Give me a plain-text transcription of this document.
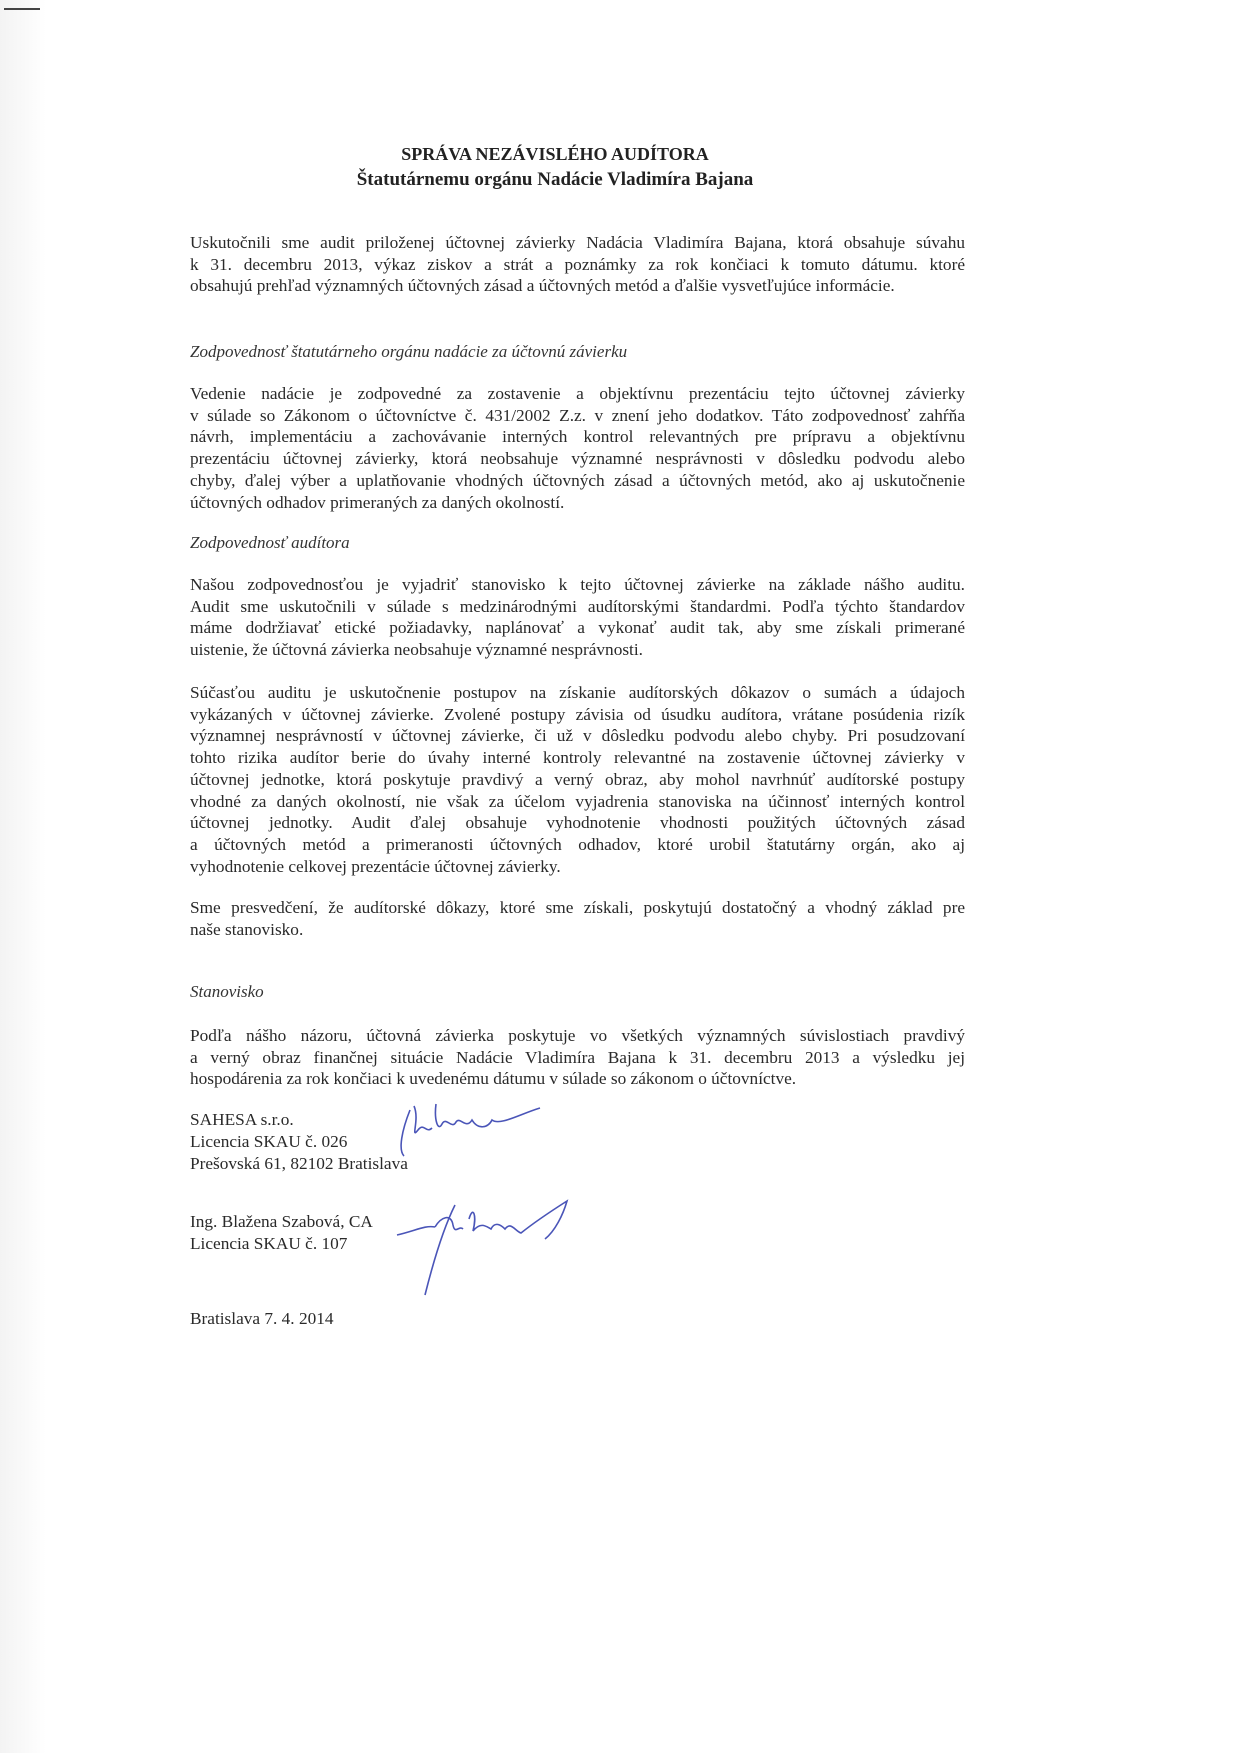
SPRÁVA NEZÁVISLÉHO AUDÍTORA
Štatutárnemu orgánu Nadácie Vladimíra Bajana
Uskutočnili sme audit priloženej účtovnej závierky Nadácia Vladimíra Bajana, ktorá obsahuje súvahu
k 31. decembru 2013, výkaz ziskov a strát a poznámky za rok končiaci k tomuto dátumu. ktoré
obsahujú prehľad významných účtovných zásad a účtovných metód a ďalšie vysvetľujúce informácie.
Zodpovednosť štatutárneho orgánu nadácie za účtovnú závierku
Vedenie nadácie je zodpovedné za zostavenie a objektívnu prezentáciu tejto účtovnej závierky
v súlade so Zákonom o účtovníctve č. 431/2002 Z.z. v znení jeho dodatkov. Táto zodpovednosť zahŕňa
návrh, implementáciu a zachovávanie interných kontrol relevantných pre prípravu a objektívnu
prezentáciu účtovnej závierky, ktorá neobsahuje významné nesprávnosti v dôsledku podvodu alebo
chyby, ďalej výber a uplatňovanie vhodných účtovných zásad a účtovných metód, ako aj uskutočnenie
účtovných odhadov primeraných za daných okolností.
Zodpovednosť audítora
Našou zodpovednosťou je vyjadriť stanovisko k tejto účtovnej závierke na základe nášho auditu.
Audit sme uskutočnili v súlade s medzinárodnými audítorskými štandardmi. Podľa týchto štandardov
máme dodržiavať etické požiadavky, naplánovať a vykonať audit tak, aby sme získali primerané
uistenie, že účtovná závierka neobsahuje významné nesprávnosti.
Súčasťou auditu je uskutočnenie postupov na získanie audítorských dôkazov o sumách a údajoch
vykázaných v účtovnej závierke. Zvolené postupy závisia od úsudku audítora, vrátane posúdenia rizík
významnej nesprávností v účtovnej závierke, či už v dôsledku podvodu alebo chyby. Pri posudzovaní
tohto rizika audítor berie do úvahy interné kontroly relevantné na zostavenie účtovnej závierky v
účtovnej jednotke, ktorá poskytuje pravdivý a verný obraz, aby mohol navrhnúť audítorské postupy
vhodné za daných okolností, nie však za účelom vyjadrenia stanoviska na účinnosť interných kontrol
účtovnej jednotky. Audit ďalej obsahuje vyhodnotenie vhodnosti použitých účtovných zásad
a účtovných metód a primeranosti účtovných odhadov, ktoré urobil štatutárny orgán, ako aj
vyhodnotenie celkovej prezentácie účtovnej závierky.
Sme presvedčení, že audítorské dôkazy, ktoré sme získali, poskytujú dostatočný a vhodný základ pre
naše stanovisko.
Stanovisko
Podľa nášho názoru, účtovná závierka poskytuje vo všetkých významných súvislostiach pravdivý
a verný obraz finančnej situácie Nadácie Vladimíra Bajana k 31. decembru 2013 a výsledku jej
hospodárenia za rok končiaci k uvedenému dátumu v súlade so zákonom o účtovníctve.
SAHESA s.r.o.
Licencia SKAU č. 026
Prešovská 61, 82102 Bratislava
Ing. Blažena Szabová, CA
Licencia SKAU č. 107
Bratislava 7. 4. 2014
